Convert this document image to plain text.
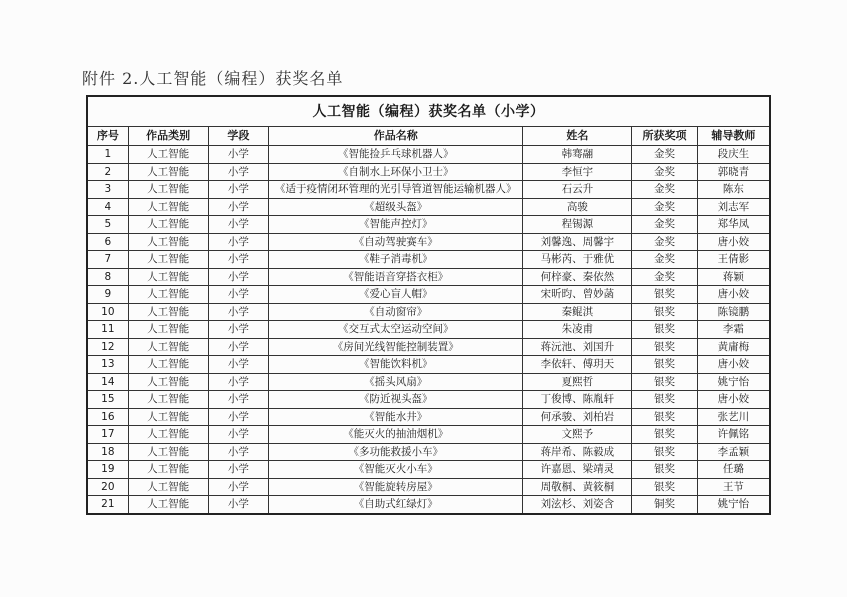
附件 2.人工智能（编程）获奖名单
人工智能（编程）获奖名单（小学）						
序号	作品类别	学段	作品名称	姓名	所获奖项	辅导教师
1	人工智能	小学	《智能捡乒乓球机器人》	韩骞翮	金奖	段庆生
2	人工智能	小学	《自制水上环保小卫士》	李恒宇	金奖	郭晓青
3	人工智能	小学	《适于疫情闭环管理的光引导管道智能运输机器人》	石云升	金奖	陈东
4	人工智能	小学	《超级头盔》	高骏	金奖	刘志军
5	人工智能	小学	《智能声控灯》	程锡源	金奖	郑华凤
6	人工智能	小学	《自动驾驶赛车》	刘馨逸、周馨宇	金奖	唐小姣
7	人工智能	小学	《鞋子消毒机》	马彬芮、于雅优	金奖	王倩影
8	人工智能	小学	《智能语音穿搭衣柜》	何梓豪、秦依然	金奖	蒋颖
9	人工智能	小学	《爱心盲人帽》	宋昕昀、曾妙菡	银奖	唐小姣
10	人工智能	小学	《自动窗帘》	秦鲲淇	银奖	陈镜鹏
11	人工智能	小学	《交互式太空运动空间》	朱凌甫	银奖	李霜
12	人工智能	小学	《房间光线智能控制装置》	蒋沅池、刘国升	银奖	黄庸梅
13	人工智能	小学	《智能饮料机》	李依轩、傅玥天	银奖	唐小姣
14	人工智能	小学	《摇头风扇》	夏熙哲	银奖	姚宁怡
15	人工智能	小学	《防近视头盔》	丁俊博、陈胤轩	银奖	唐小姣
16	人工智能	小学	《智能水井》	何承骏、刘柏岩	银奖	张艺川
17	人工智能	小学	《能灭火的抽油烟机》	文熙予	银奖	许佩铭
18	人工智能	小学	《多功能救援小车》	蒋岸希、陈毅成	银奖	李孟颖
19	人工智能	小学	《智能灭火小车》	许嘉恩、梁靖灵	银奖	任璐
20	人工智能	小学	《智能旋转房屋》	周敬桐、黄筱桐	银奖	王节
21	人工智能	小学	《自助式红绿灯》	刘泫杉、刘姿含	铜奖	姚宁怡
